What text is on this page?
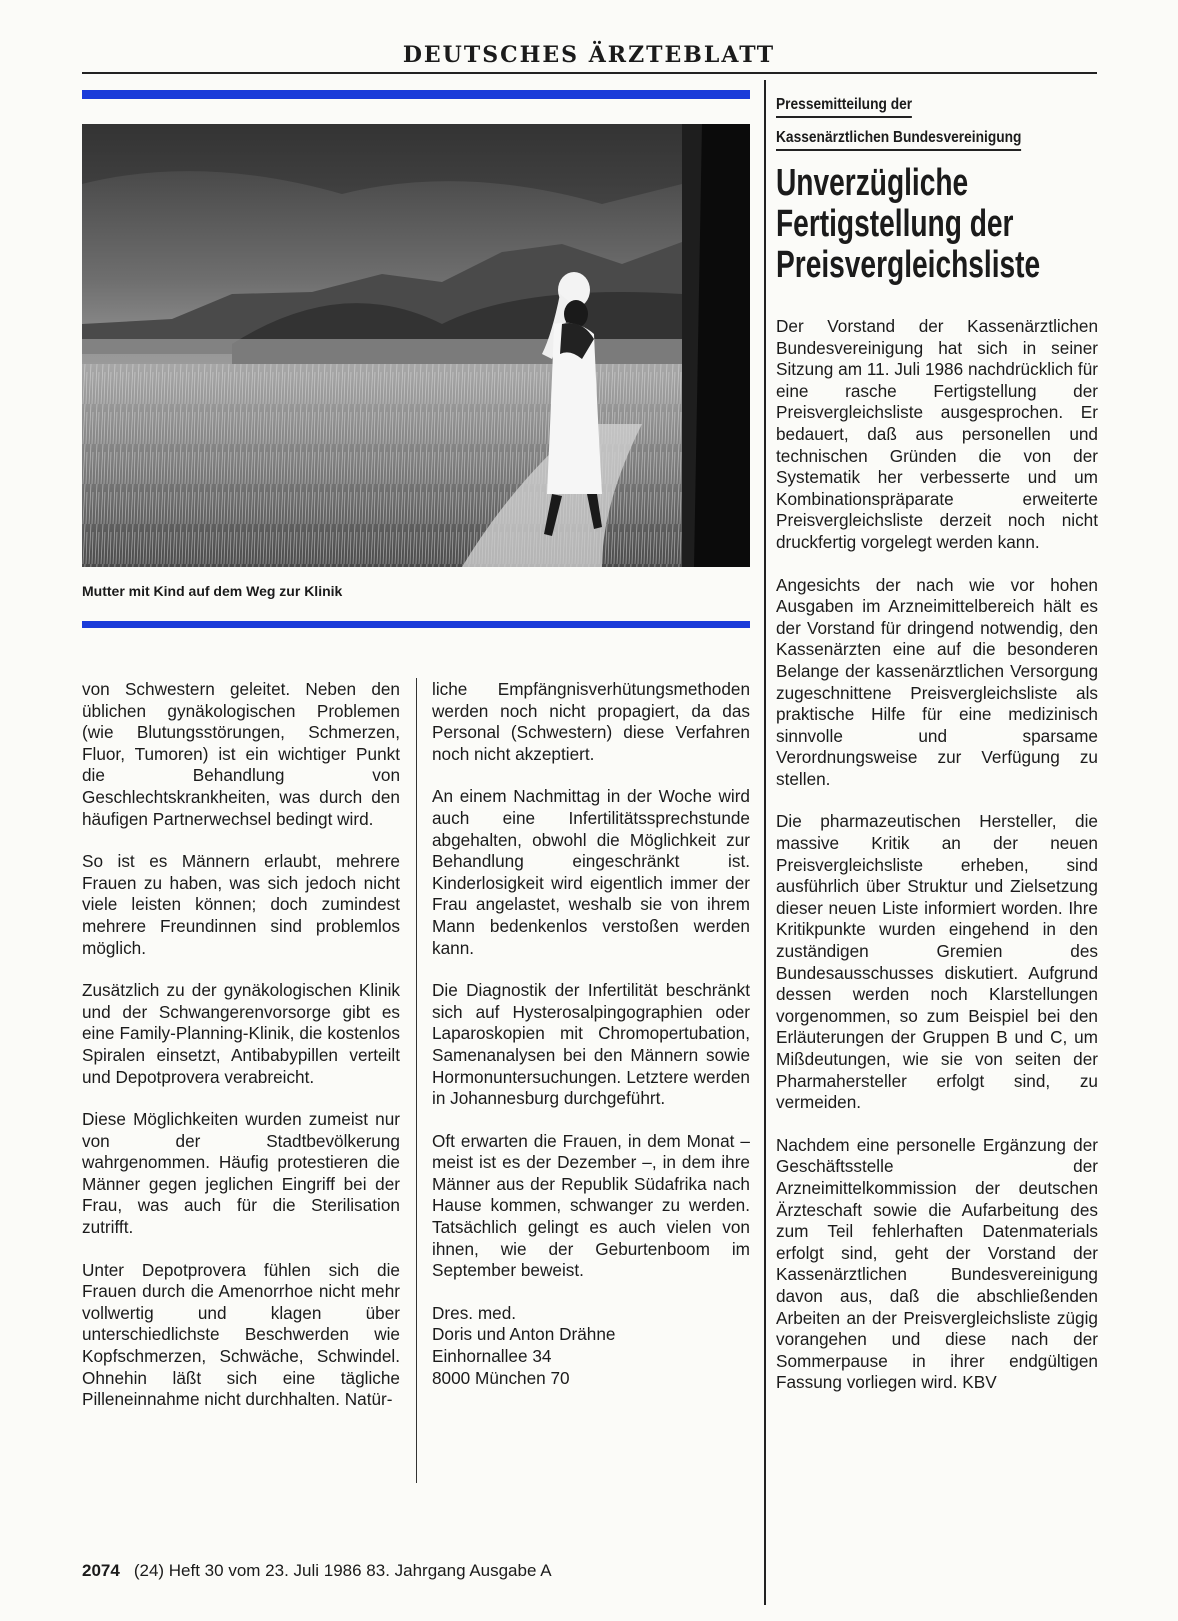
DEUTSCHES ÄRZTEBLATT
Mutter mit Kind auf dem Weg zur Klinik

von Schwestern geleitet. Neben den üblichen gynäkologischen Problemen (wie Blutungsstörungen, Schmerzen, Fluor, Tumoren) ist ein wichtiger Punkt die Behandlung von Geschlechtskrankheiten, was durch den häufigen Partnerwechsel bedingt wird.

So ist es Männern erlaubt, mehrere Frauen zu haben, was sich jedoch nicht viele leisten können; doch zumindest mehrere Freundinnen sind problemlos möglich.

Zusätzlich zu der gynäkologischen Klinik und der Schwangerenvorsorge gibt es eine Family-Planning-Klinik, die kostenlos Spiralen einsetzt, Antibabypillen verteilt und Depotprovera verabreicht.

Diese Möglichkeiten wurden zumeist nur von der Stadtbevölkerung wahrgenommen. Häufig protestieren die Männer gegen jeglichen Eingriff bei der Frau, was auch für die Sterilisation zutrifft.

Unter Depotprovera fühlen sich die Frauen durch die Amenorrhoe nicht mehr vollwertig und klagen über unterschiedlichste Beschwerden wie Kopfschmerzen, Schwäche, Schwindel. Ohnehin läßt sich eine tägliche Pilleneinnahme nicht durchhalten. Natür-

liche Empfängnisverhütungsmethoden werden noch nicht propagiert, da das Personal (Schwestern) diese Verfahren noch nicht akzeptiert.

An einem Nachmittag in der Woche wird auch eine Infertilitätssprechstunde abgehalten, obwohl die Möglichkeit zur Behandlung eingeschränkt ist. Kinderlosigkeit wird eigentlich immer der Frau angelastet, weshalb sie von ihrem Mann bedenkenlos verstoßen werden kann.

Die Diagnostik der Infertilität beschränkt sich auf Hysterosalpingographien oder Laparoskopien mit Chromopertubation, Samenanalysen bei den Männern sowie Hormonuntersuchungen. Letztere werden in Johannesburg durchgeführt.

Oft erwarten die Frauen, in dem Monat – meist ist es der Dezember –, in dem ihre Männer aus der Republik Südafrika nach Hause kommen, schwanger zu werden. Tatsächlich gelingt es auch vielen von ihnen, wie der Geburtenboom im September beweist.

Dres. med.

Doris und Anton Drähne

Einhornallee 34

8000 München 70

Pressemitteilung der
Kassenärztlichen Bundesvereinigung
Unverzügliche
Fertigstellung der
Preisvergleichsliste

Der Vorstand der Kassenärztlichen Bundesvereinigung hat sich in seiner Sitzung am 11. Juli 1986 nachdrücklich für eine rasche Fertigstellung der Preisvergleichsliste ausgesprochen. Er bedauert, daß aus personellen und technischen Gründen die von der Systematik her verbesserte und um Kombinationspräparate erweiterte Preisvergleichsliste derzeit noch nicht druckfertig vorgelegt werden kann.

Angesichts der nach wie vor hohen Ausgaben im Arzneimittelbereich hält es der Vorstand für dringend notwendig, den Kassenärzten eine auf die besonderen Belange der kassenärztlichen Versorgung zugeschnittene Preisvergleichsliste als praktische Hilfe für eine medizinisch sinnvolle und sparsame Verordnungsweise zur Verfügung zu stellen.

Die pharmazeutischen Hersteller, die massive Kritik an der neuen Preisvergleichsliste erheben, sind ausführlich über Struktur und Zielsetzung dieser neuen Liste informiert worden. Ihre Kritikpunkte wurden eingehend in den zuständigen Gremien des Bundesausschusses diskutiert. Aufgrund dessen werden noch Klarstellungen vorgenommen, so zum Beispiel bei den Erläuterungen der Gruppen B und C, um Mißdeutungen, wie sie von seiten der Pharmahersteller erfolgt sind, zu vermeiden.

Nachdem eine personelle Ergänzung der Geschäftsstelle der Arzneimittelkommission der deutschen Ärzteschaft sowie die Aufarbeitung des zum Teil fehlerhaften Datenmaterials erfolgt sind, geht der Vorstand der Kassenärztlichen Bundesvereinigung davon aus, daß die abschließenden Arbeiten an der Preisvergleichsliste zügig vorangehen und diese nach der Sommerpause in ihrer endgültigen Fassung vorliegen wird. KBV

2074 (24) Heft 30 vom 23. Juli 1986 83. Jahrgang Ausgabe A
